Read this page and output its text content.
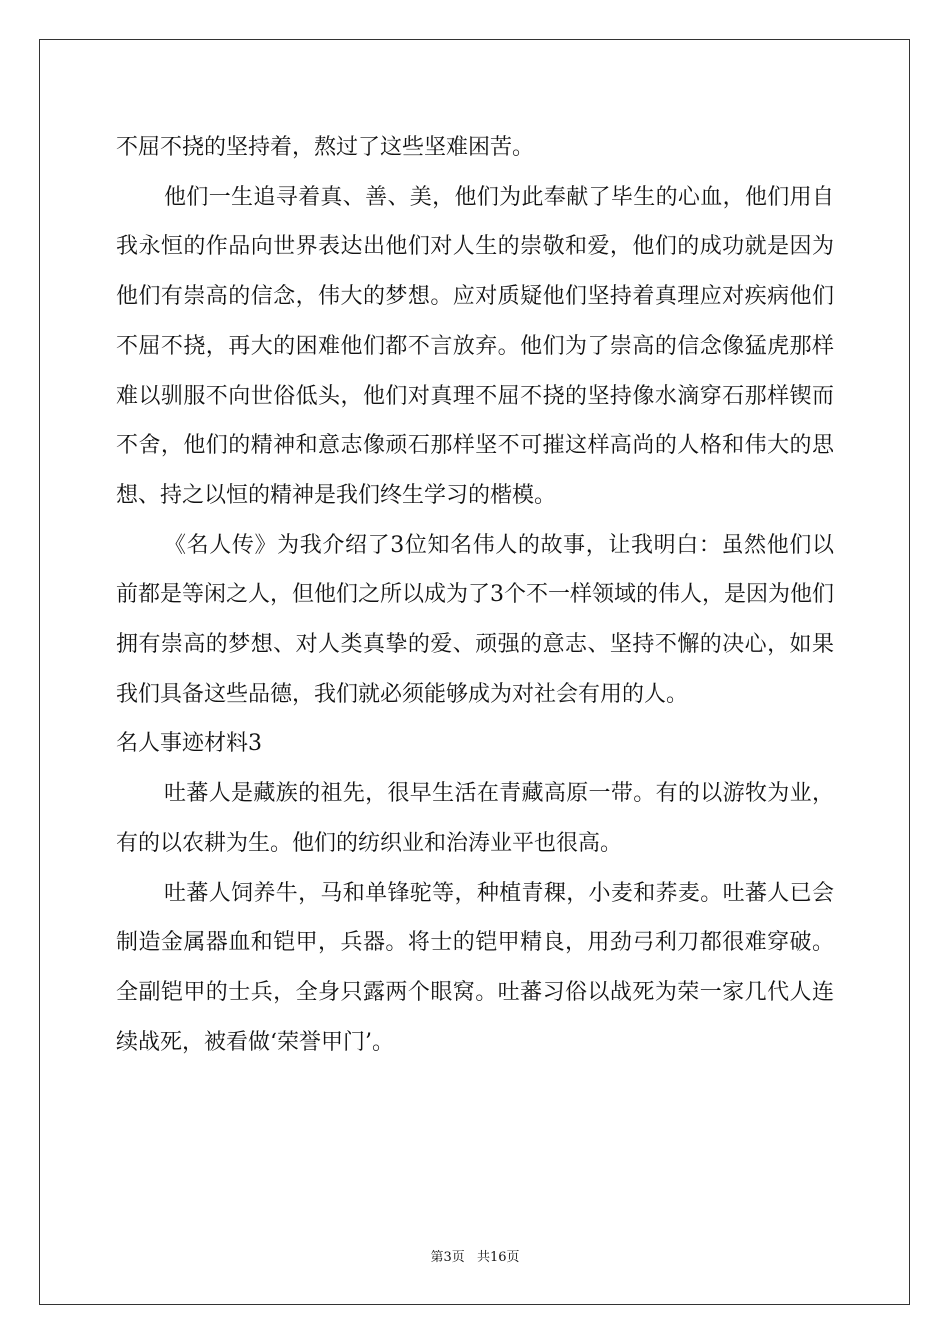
不屈不挠的坚持着，熬过了这些坚难困苦。

他们一生追寻着真、善、美，他们为此奉献了毕生的心血，他们用自我永恒的作品向世界表达出他们对人生的崇敬和爱，他们的成功就是因为他们有崇高的信念，伟大的梦想。应对质疑他们坚持着真理应对疾病他们不屈不挠，再大的困难他们都不言放弃。他们为了崇高的信念像猛虎那样难以驯服不向世俗低头，他们对真理不屈不挠的坚持像水滴穿石那样锲而不舍，他们的精神和意志像顽石那样坚不可摧这样高尚的人格和伟大的思想、持之以恒的精神是我们终生学习的楷模。

《名人传》为我介绍了3位知名伟人的故事，让我明白：虽然他们以前都是等闲之人，但他们之所以成为了3个不一样领域的伟人，是因为他们拥有崇高的梦想、对人类真挚的爱、顽强的意志、坚持不懈的决心，如果我们具备这些品德，我们就必须能够成为对社会有用的人。

名人事迹材料3

吐蕃人是藏族的祖先，很早生活在青藏高原一带。有的以游牧为业，有的以农耕为生。他们的纺织业和治涛业平也很高。

吐蕃人饲养牛，马和单锋驼等，种植青稞，小麦和荞麦。吐蕃人已会制造金属器血和铠甲，兵器。将士的铠甲精良，用劲弓利刀都很难穿破。全副铠甲的士兵，全身只露两个眼窝。吐蕃习俗以战死为荣一家几代人连续战死，被看做‘荣誉甲门’。

第3页 共16页
